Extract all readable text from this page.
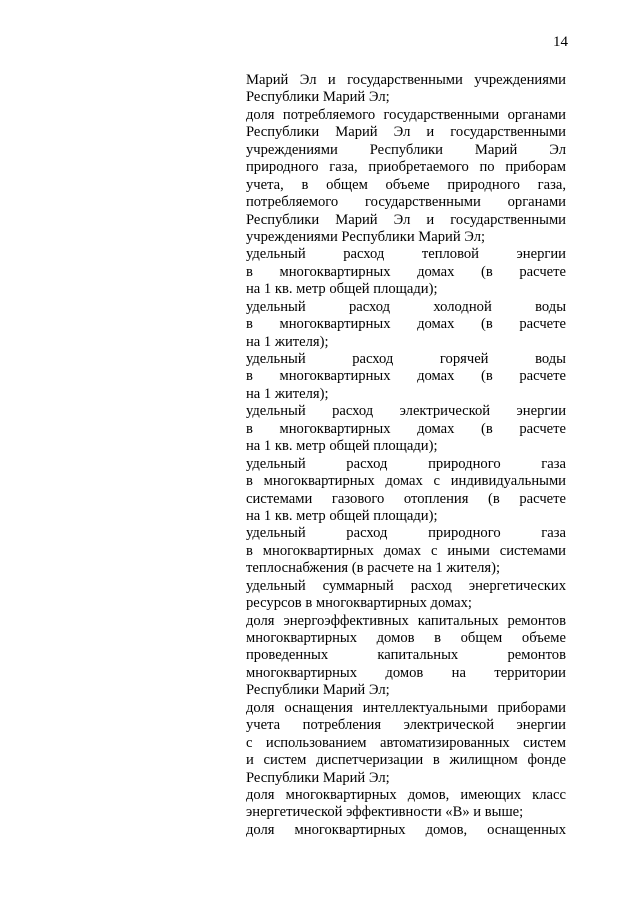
14
Марий Эл и государственными учреждениями
Республики Марий Эл;
доля потребляемого государственными органами
Республики Марий Эл и государственными
учреждениями Республики Марий Эл
природного газа, приобретаемого по приборам
учета, в общем объеме природного газа,
потребляемого государственными органами
Республики Марий Эл и государственными
учреждениями Республики Марий Эл;
удельный расход тепловой энергии
в многоквартирных домах (в расчете
на 1 кв. метр общей площади);
удельный расход холодной воды
в многоквартирных домах (в расчете
на 1 жителя);
удельный расход горячей воды
в многоквартирных домах (в расчете
на 1 жителя);
удельный расход электрической энергии
в многоквартирных домах (в расчете
на 1 кв. метр общей площади);
удельный расход природного газа
в многоквартирных домах с индивидуальными
системами газового отопления (в расчете
на 1 кв. метр общей площади);
удельный расход природного газа
в многоквартирных домах с иными системами
теплоснабжения (в расчете на 1 жителя);
удельный суммарный расход энергетических
ресурсов в многоквартирных домах;
доля энергоэффективных капитальных ремонтов
многоквартирных домов в общем объеме
проведенных капитальных ремонтов
многоквартирных домов на территории
Республики Марий Эл;
доля оснащения интеллектуальными приборами
учета потребления электрической энергии
с использованием автоматизированных систем
и систем диспетчеризации в жилищном фонде
Республики Марий Эл;
доля многоквартирных домов, имеющих класс
энергетической эффективности «B» и выше;
доля многоквартирных домов, оснащенных
